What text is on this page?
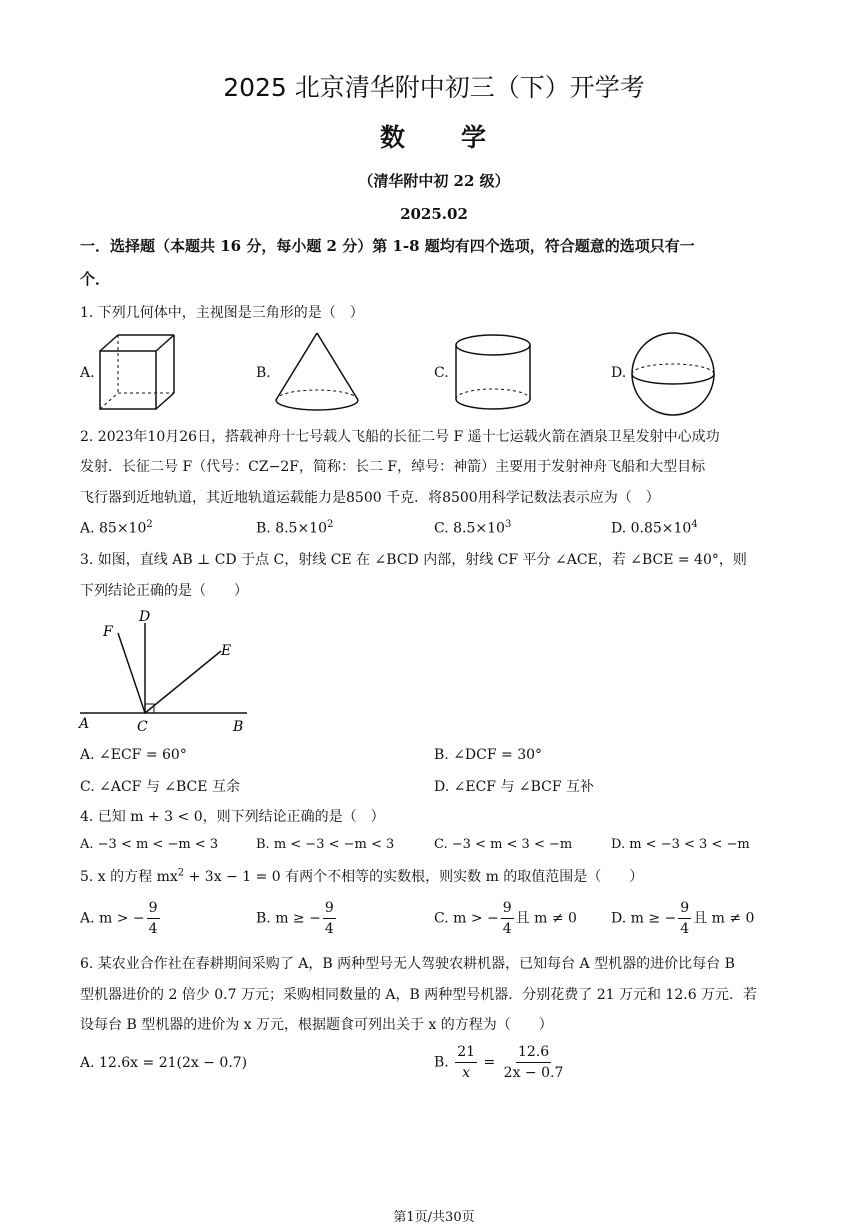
2025 北京清华附中初三（下）开学考
数　　学
（清华附中初 22 级）
2025.02
一．选择题（本题共 16 分，每小题 2 分）第 1-8 题均有四个选项，符合题意的选项只有一
个．
1. 下列几何体中，主视图是三角形的是（　）
A.	B.	C.	D.
2. 2023年10月26日，搭载神舟十七号载人飞船的长征二号 F 遥十七运载火箭在酒泉卫星发射中心成功
发射．长征二号 F（代号：CZ−2F，简称：长二 F，绰号：神箭）主要用于发射神舟飞船和大型目标
飞行器到近地轨道，其近地轨道运载能力是8500 千克．将8500用科学记数法表示应为（　）
A. $85\times 10^2$	B. $8.5\times 10^2$	C. $8.5\times 10^3$	D. $0.85\times 10^4$
3. 如图，直线 AB ⊥ CD 于点 C，射线 CE 在 ∠BCD 内部，射线 CF 平分 ∠ACE，若 ∠BCE = 40°，则
下列结论正确的是（　　）
F
D
E
A	C	B
A. ∠ECF = 60°	B. ∠DCF = 30°
C. ∠ACF 与 ∠BCE 互余	D. ∠ECF 与 ∠BCF 互补
4. 已知 m + 3 < 0，则下列结论正确的是（　）
A. −3 < m < −m < 3	B. m < −3 < −m < 3	C. −3 < m < 3 < −m	D. m < −3 < 3 < −m
5. x 的方程 $mx^2 + 3x - 1 = 0$ 有两个不相等的实数根，则实数 m 的取值范围是（　　）
A. m > − $\frac{9}{4}$	B. m ≥ − $\frac{9}{4}$	C. m > − $\frac{9}{4}$ 且 m ≠ 0 D. m ≥ − $\frac{9}{4}$ 且 m ≠ 0
6. 某农业合作社在春耕期间采购了 A，B 两种型号无人驾驶农耕机器，已知每台 A 型机器的进价比每台 B
型机器进价的 2 倍少 0.7 万元；采购相同数量的 A，B 两种型号机器．分别花费了 21 万元和 12.6 万元．若
设每台 B 型机器的进价为 x 万元，根据题食可列出关于 x 的方程为（　　）
A. 12.6x = 21(2x − 0.7)	B. $\frac{21}{x} = \frac{12.6}{2x - 0.7}$
第1页/共30页
